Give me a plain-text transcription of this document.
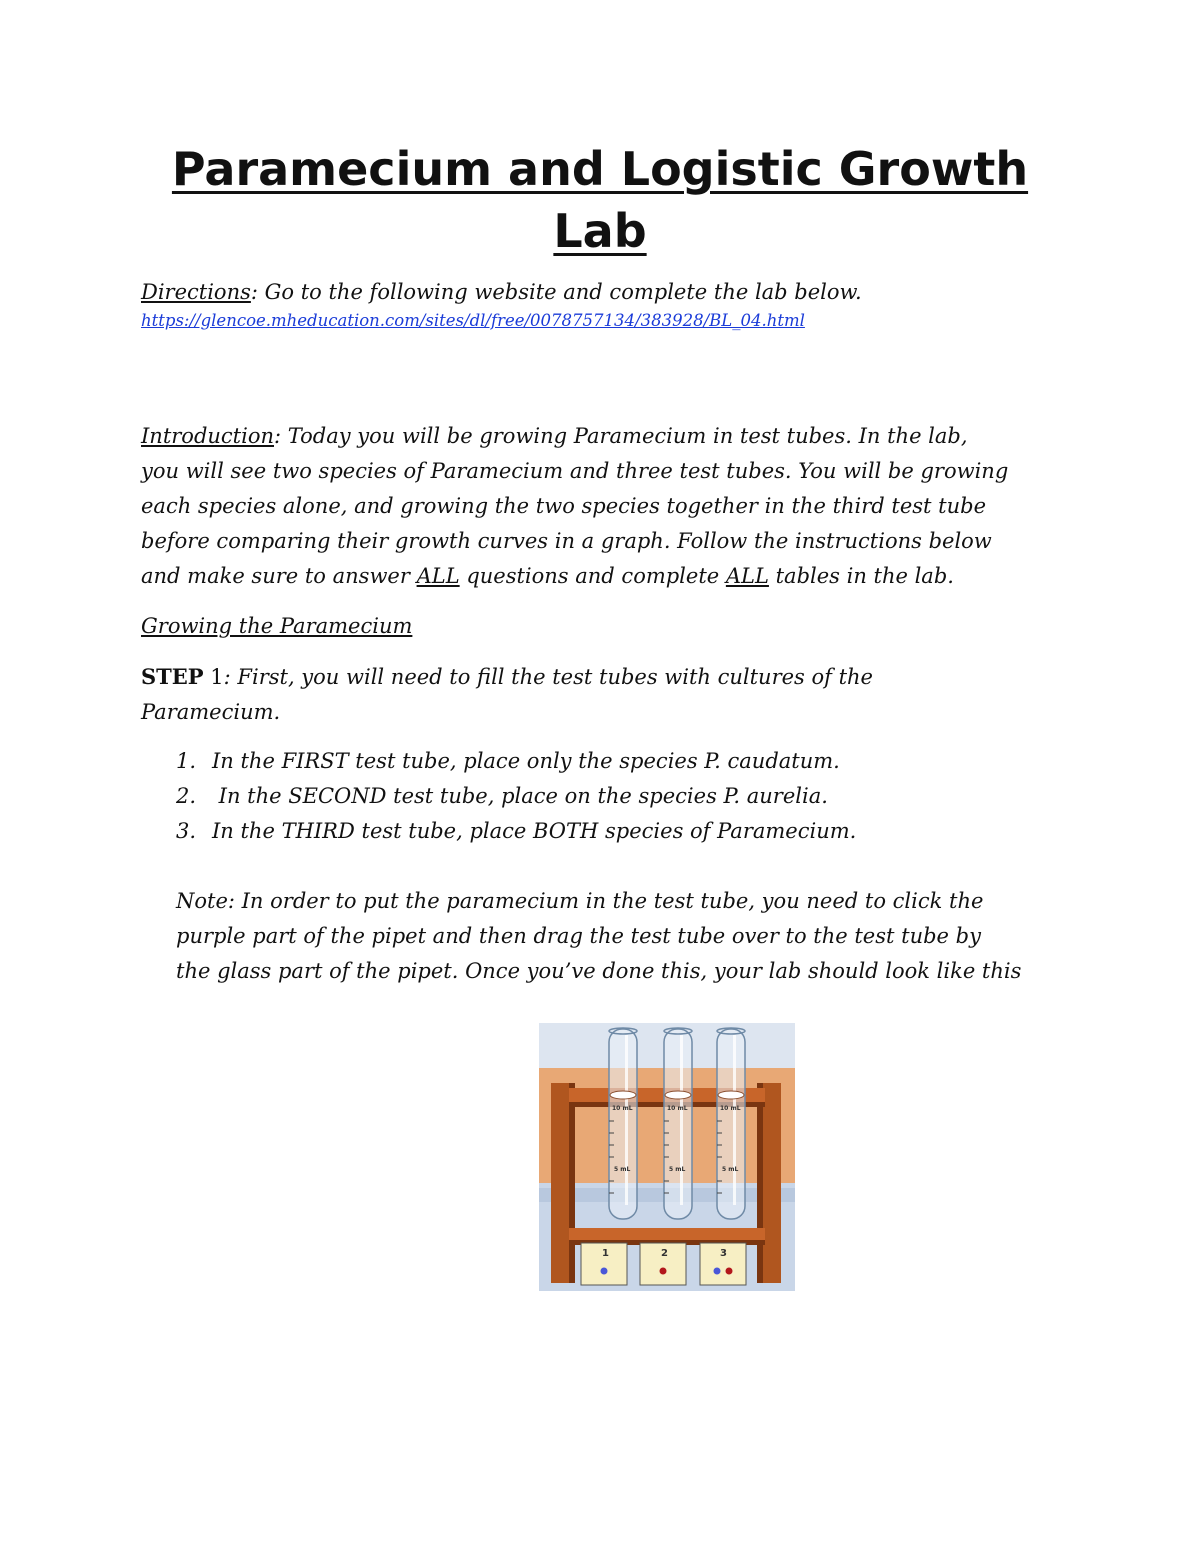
Paramecium and Logistic Growth
Lab
Directions: Go to the following website and complete the lab below.
https://glencoe.mheducation.com/sites/dl/free/0078757134/383928/BL_04.html
Introduction: Today you will be growing Paramecium in test tubes. In the lab,
you will see two species of Paramecium and three test tubes. You will be growing
each species alone, and growing the two species together in the third test tube
before comparing their growth curves in a graph. Follow the instructions below
and make sure to answer ALL questions and complete ALL tables in the lab.
Growing the Paramecium
STEP 1: First, you will need to fill the test tubes with cultures of the
Paramecium.
1. In the FIRST test tube, place only the species P. caudatum.
2. In the SECOND test tube, place on the species P. aurelia.
3. In the THIRD test tube, place BOTH species of Paramecium.
Note: In order to put the paramecium in the test tube, you need to click the
purple part of the pipet and then drag the test tube over to the test tube by
the glass part of the pipet. Once you’ve done this, your lab should look like this
10 mL	10 mL	10 mL
5 mL	5 mL	5 mL
1	2	3
